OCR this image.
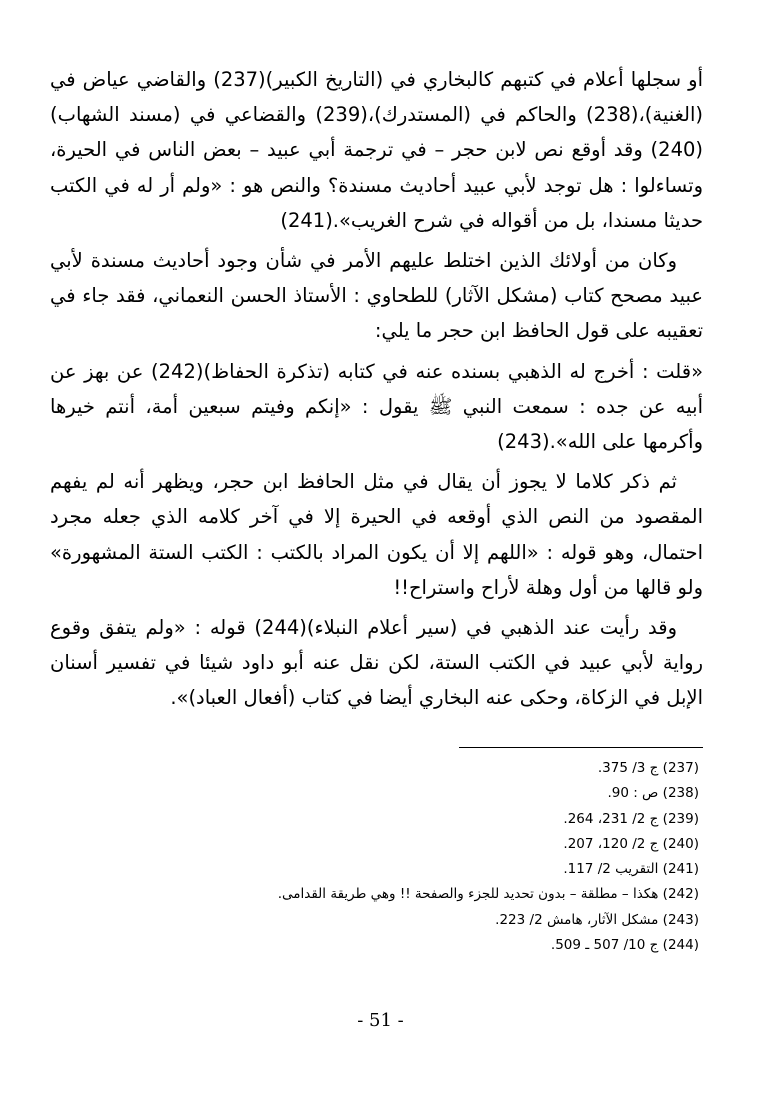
أو سجلها أعلام في كتبهم كالبخاري في (التاريخ الكبير)(237) والقاضي عياض في (الغنية)،(238) والحاكم في (المستدرك)،(239) والقضاعي في (مسند الشهاب)(240) وقد أوقع نص لابن حجر – في ترجمة أبي عبيد – بعض الناس في الحيرة، وتساءلوا : هل توجد لأبي عبيد أحاديث مسندة؟ والنص هو : «ولم أر له في الكتب حديثا مسندا، بل من أقواله في شرح الغريب».(241)

وكان من أولائك الذين اختلط عليهم الأمر في شأن وجود أحاديث مسندة لأبي عبيد مصحح كتاب (مشكل الآثار) للطحاوي : الأستاذ الحسن النعماني، فقد جاء في تعقيبه على قول الحافظ ابن حجر ما يلي:

«قلت : أخرج له الذهبي بسنده عنه في كتابه (تذكرة الحفاظ)(242) عن بهز عن أبيه عن جده : سمعت النبي ﷺ يقول : «إنكم وفيتم سبعين أمة، أنتم خيرها وأكرمها على الله».(243)

ثم ذكر كلاما لا يجوز أن يقال في مثل الحافظ ابن حجر، ويظهر أنه لم يفهم المقصود من النص الذي أوقعه في الحيرة إلا في آخر كلامه الذي جعله مجرد احتمال، وهو قوله : «اللهم إلا أن يكون المراد بالكتب : الكتب الستة المشهورة» ولو قالها من أول وهلة لأراح واستراح!!

وقد رأيت عند الذهبي في (سير أعلام النبلاء)(244) قوله : «ولم يتفق وقوع رواية لأبي عبيد في الكتب الستة، لكن نقل عنه أبو داود شيئا في تفسير أسنان الإبل في الزكاة، وحكى عنه البخاري أيضا في كتاب (أفعال العباد)».

(237) ج 3/ 375.
(238) ص : 90.
(239) ج 2/ 231، 264.
(240) ج 2/ 120، 207.
(241) التقريب 2/ 117.
(242) هكذا – مطلقة – بدون تحديد للجزء والصفحة !! وهي طريقة القدامى.
(243) مشكل الآثار، هامش 2/ 223.
(244) ج 10/ 507 ـ 509.
- 51 -
